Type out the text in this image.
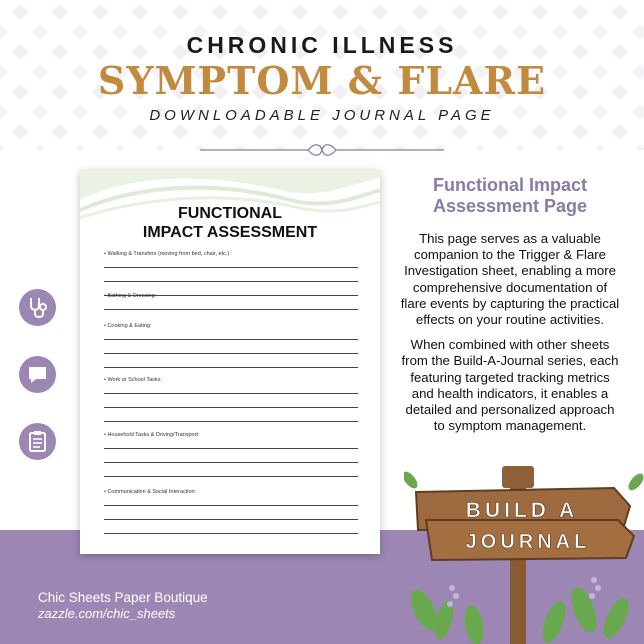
CHRONIC ILLNESS
SYMPTOM & FLARE
DOWNLOADABLE JOURNAL PAGE
FUNCTIONAL
IMPACT ASSESSMENT
• Walking & Transfers (moving from bed, chair, etc.):
• Bathing & Dressing:
• Cooking & Eating:
• Work or School Tasks:
• Household Tasks & Driving/Transport:
• Communication & Social Interaction:
Functional Impact Assessment Page
This page serves as a valuable companion to the Trigger & Flare Investigation sheet, enabling a more comprehensive documentation of flare events by capturing the practical effects on your routine activities.
When combined with other sheets from the Build-A-Journal series, each featuring targeted tracking metrics and health indicators, it enables a detailed and personalized approach to symptom management.
BUILD A
JOURNAL
Chic Sheets Paper Boutique
zazzle.com/chic_sheets
